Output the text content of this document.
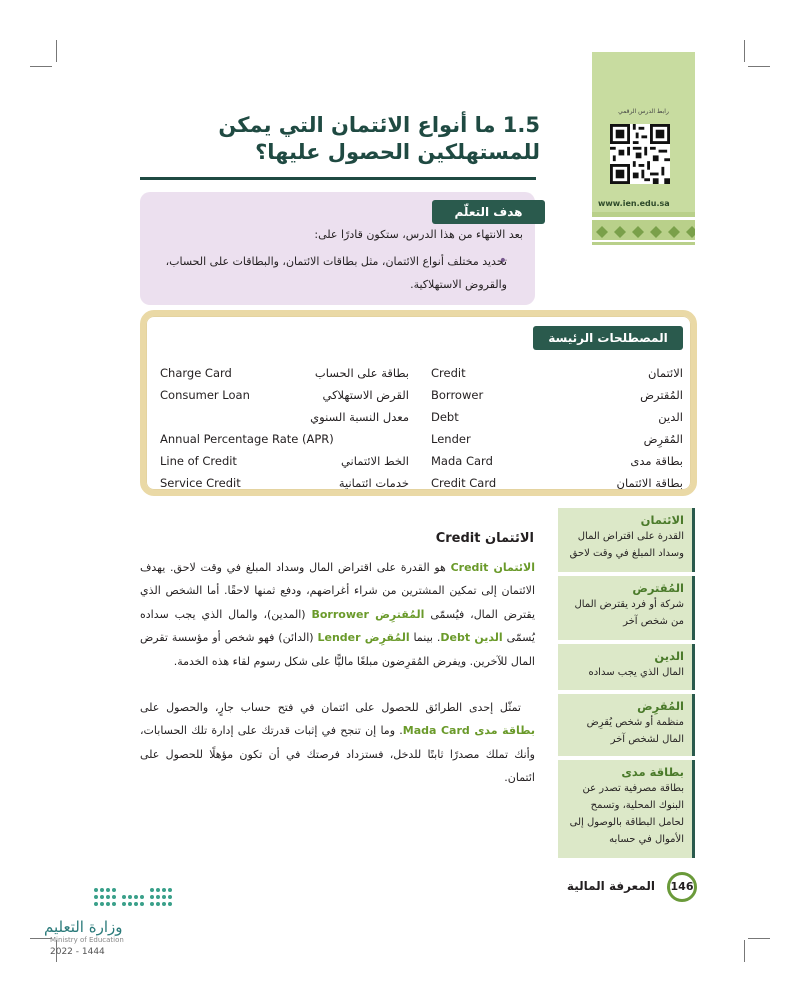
رابط الدرس الرقمي
www.ien.edu.sa
1.5 ما أنواع الائتمان التي يمكن للمستهلكين الحصول عليها؟
هدف التعلّم
بعد الانتهاء من هذا الدرس، ستكون قادرًا على:
• تحديد مختلف أنواع الائتمان، مثل بطاقات الائتمان، والبطاقات على الحساب، والقروض الاستهلاكية.
المصطلحات الرئيسة
الائتمان
Credit
المُقترض
Borrower
الدين
Debt
المُقرِض
Lender
بطاقة مدى
Mada Card
بطاقة الائتمان
Credit Card
بطاقة على الحساب
Charge Card
القرض الاستهلاكي
Consumer Loan
معدل النسبة السنوي
Annual Percentage Rate (APR)
الخط الائتماني
Line of Credit
خدمات ائتمانية
Service Credit
الائتمان
القدرة على اقتراض المال وسداد المبلغ في وقت لاحق
المُقترض
شركة أو فرد يقترض المال من شخص آخر
الدين
المال الذي يجب سداده
المُقرِض
منظمة أو شخص يُقرِض المال لشخص آخر
بطاقة مدى
بطاقة مصرفية تصدر عن البنوك المحلية، وتسمح لحامل البطاقة بالوصول إلى الأموال في حسابه
الائتمان Credit
الائتمان Credit هو القدرة على اقتراض المال وسداد المبلغ في وقت لاحق. يهدف الائتمان إلى تمكين المشترين من شراء أغراضهم، ودفع ثمنها لاحقًا. أما الشخص الذي يقترض المال، فيُسمّى المُقترِض Borrower (المدين)، والمال الذي يجب سداده يُسمّى الدين Debt. بينما المُقرِض Lender (الدائن) فهو شخص أو مؤسسة تقرض المال للآخرين. ويفرض المُقرِضون مبلغًا ماليًّا على شكل رسوم لقاء هذه الخدمة.
تمثّل إحدى الطرائق للحصول على ائتمان في فتح حساب جارٍ، والحصول على بطاقة مدى Mada Card. وما إن تنجح في إثبات قدرتك على إدارة تلك الحسابات، وأنك تملك مصدرًا ثابتًا للدخل، فستزداد فرصتك في أن تكون مؤهلًا للحصول على ائتمان.
146
المعرفة المالية
وزارة التعليم
Ministry of Education
2022 - 1444
